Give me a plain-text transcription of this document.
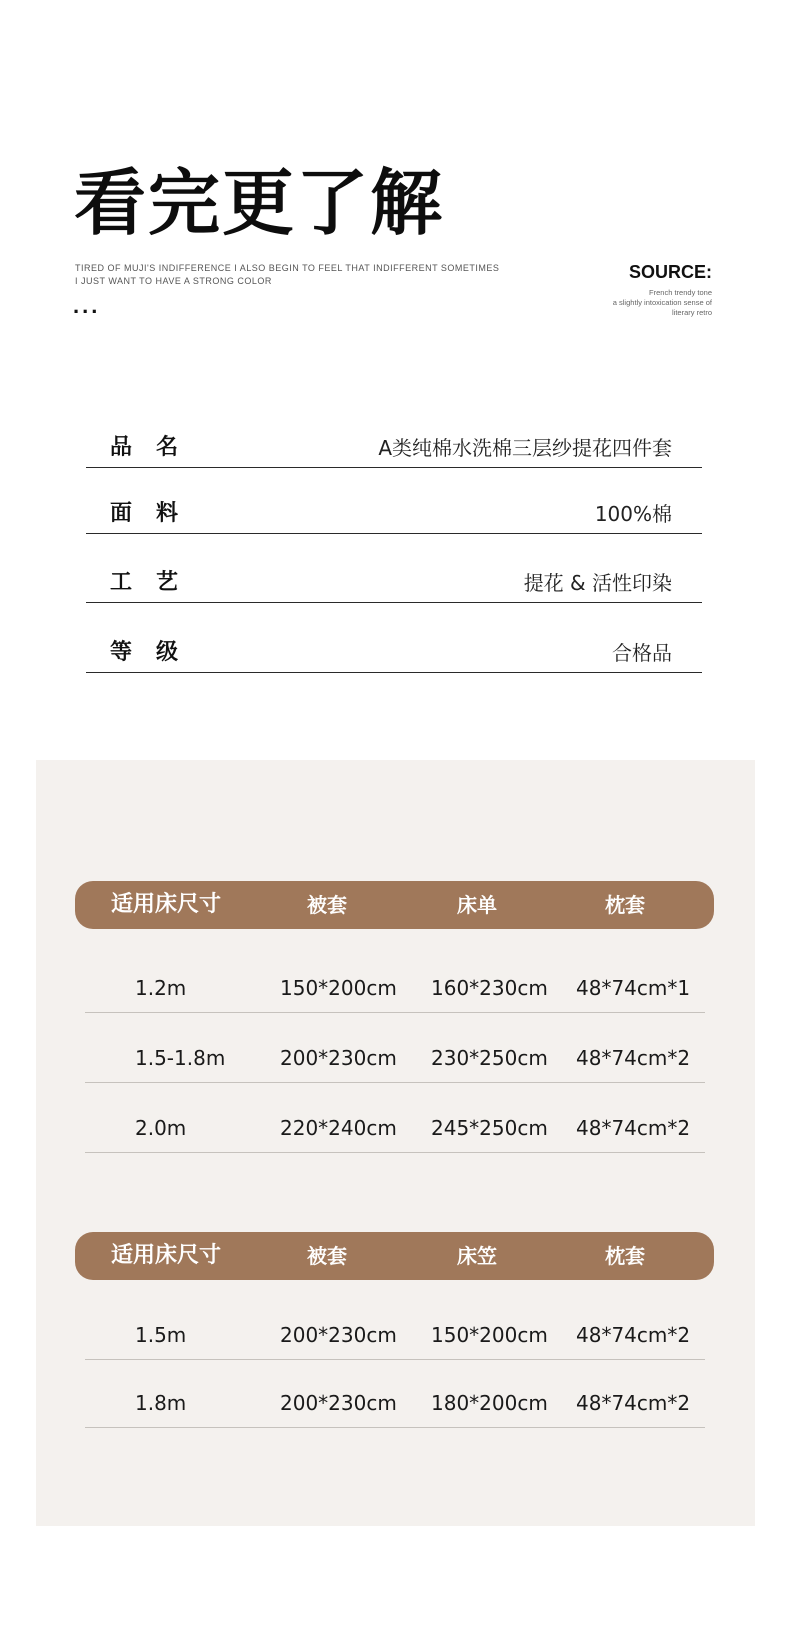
看完更了解
TIRED OF MUJI'S INDIFFERENCE I ALSO BEGIN TO FEEL THAT INDIFFERENT SOMETIMES
I JUST WANT TO HAVE A STRONG COLOR
...
SOURCE:
French trendy tone
a slightly intoxication sense of
literary retro
品名	A类纯棉水洗棉三层纱提花四件套
面料	100%棉
工艺	提花 & 活性印染
等级	合格品
适用床尺寸	被套	床单	枕套
1.2m	150*200cm 160*230cm 48*74cm*1
1.5-1.8m	200*230cm 230*250cm 48*74cm*2
2.0m	220*240cm 245*250cm 48*74cm*2
适用床尺寸	被套	床笠	枕套
1.5m	200*230cm 150*200cm 48*74cm*2
1.8m	200*230cm 180*200cm 48*74cm*2
